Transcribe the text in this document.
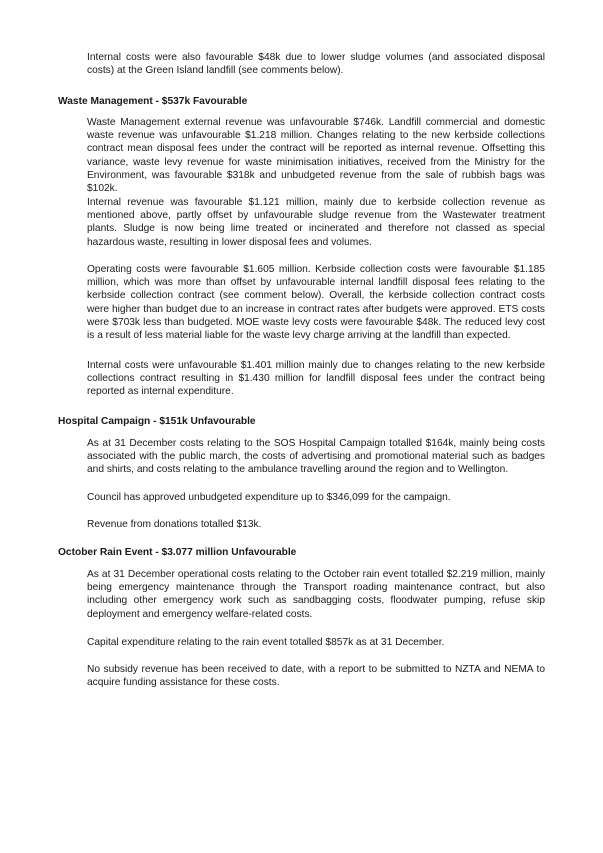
Internal costs were also favourable $48k due to lower sludge volumes (and associated disposal costs) at the Green Island landfill (see comments below).

Waste Management - $537k Favourable

Waste Management external revenue was unfavourable $746k. Landfill commercial and domestic waste revenue was unfavourable $1.218 million. Changes relating to the new kerbside collections contract mean disposal fees under the contract will be reported as internal revenue. Offsetting this variance, waste levy revenue for waste minimisation initiatives, received from the Ministry for the Environment, was favourable $318k and unbudgeted revenue from the sale of rubbish bags was $102k.

Internal revenue was favourable $1.121 million, mainly due to kerbside collection revenue as mentioned above, partly offset by unfavourable sludge revenue from the Wastewater treatment plants. Sludge is now being lime treated or incinerated and therefore not classed as special hazardous waste, resulting in lower disposal fees and volumes.

Operating costs were favourable $1.605 million. Kerbside collection costs were favourable $1.185 million, which was more than offset by unfavourable internal landfill disposal fees relating to the kerbside collection contract (see comment below). Overall, the kerbside collection contract costs were higher than budget due to an increase in contract rates after budgets were approved. ETS costs were $703k less than budgeted. MOE waste levy costs were favourable $48k. The reduced levy cost is a result of less material liable for the waste levy charge arriving at the landfill than expected.

Internal costs were unfavourable $1.401 million mainly due to changes relating to the new kerbside collections contract resulting in $1.430 million for landfill disposal fees under the contract being reported as internal expenditure.

Hospital Campaign - $151k Unfavourable

As at 31 December costs relating to the SOS Hospital Campaign totalled $164k, mainly being costs associated with the public march, the costs of advertising and promotional material such as badges and shirts, and costs relating to the ambulance travelling around the region and to Wellington.

Council has approved unbudgeted expenditure up to $346,099 for the campaign.

Revenue from donations totalled $13k.

October Rain Event - $3.077 million Unfavourable

As at 31 December operational costs relating to the October rain event totalled $2.219 million, mainly being emergency maintenance through the Transport roading maintenance contract, but also including other emergency work such as sandbagging costs, floodwater pumping, refuse skip deployment and emergency welfare-related costs.

Capital expenditure relating to the rain event totalled $857k as at 31 December.

No subsidy revenue has been received to date, with a report to be submitted to NZTA and NEMA to acquire funding assistance for these costs.
